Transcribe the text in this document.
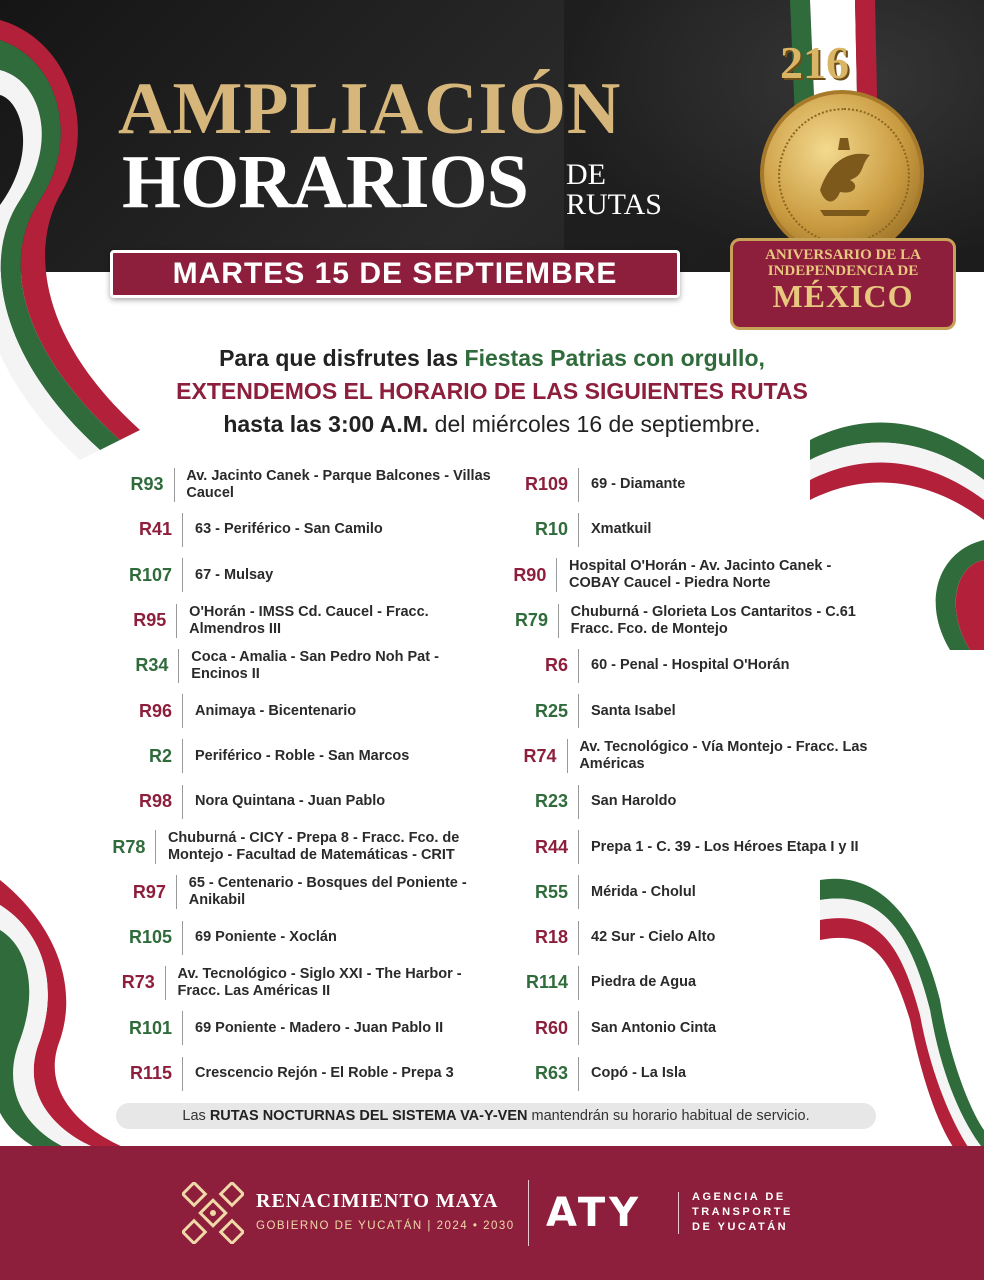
AMPLIACIÓN
HORARIOS DE
RUTAS
216
ANIVERSARIO DE LA
INDEPENDENCIA DE
MÉXICO
MARTES 15 DE SEPTIEMBRE
Para que disfrutes las Fiestas Patrias con orgullo,
EXTENDEMOS EL HORARIO DE LAS SIGUIENTES RUTAS
hasta las 3:00 A.M. del miércoles 16 de septiembre.
R93	Av. Jacinto Canek - Parque Balcones - Villas Caucel
R41	63 - Periférico - San Camilo
R107	67 - Mulsay
R95	O'Horán - IMSS Cd. Caucel - Fracc. Almendros III
R34	Coca - Amalia - San Pedro Noh Pat - Encinos II
R96	Animaya - Bicentenario
R2	Periférico - Roble - San Marcos
R98	Nora Quintana - Juan Pablo
R78	Chuburná - CICY - Prepa 8 - Fracc. Fco. de Montejo - Facultad de Matemáticas - CRIT
R97	65 - Centenario - Bosques del Poniente - Anikabil
R105	69 Poniente - Xoclán
R73	Av. Tecnológico - Siglo XXI - The Harbor - Fracc. Las Américas II
R101	69 Poniente - Madero - Juan Pablo II
R115	Crescencio Rejón - El Roble - Prepa 3
R109	69 - Diamante
R10	Xmatkuil
R90	Hospital O'Horán - Av. Jacinto Canek - COBAY Caucel - Piedra Norte
R79	Chuburná - Glorieta Los Cantaritos - C.61 Fracc. Fco. de Montejo
R6	60 - Penal - Hospital O'Horán
R25	Santa Isabel
R74	Av. Tecnológico - Vía Montejo - Fracc. Las Américas
R23	San Haroldo
R44	Prepa 1 - C. 39 - Los Héroes Etapa I y II
R55	Mérida - Cholul
R18	42 Sur - Cielo Alto
R114	Piedra de Agua
R60	San Antonio Cinta
R63	Copó - La Isla
Las RUTAS NOCTURNAS DEL SISTEMA VA-Y-VEN mantendrán su horario habitual de servicio.
RENACIMIENTO MAYA
GOBIERNO DE YUCATÁN | 2024 • 2030 ATY	AGENCIA DE
TRANSPORTE
DE YUCATÁN
